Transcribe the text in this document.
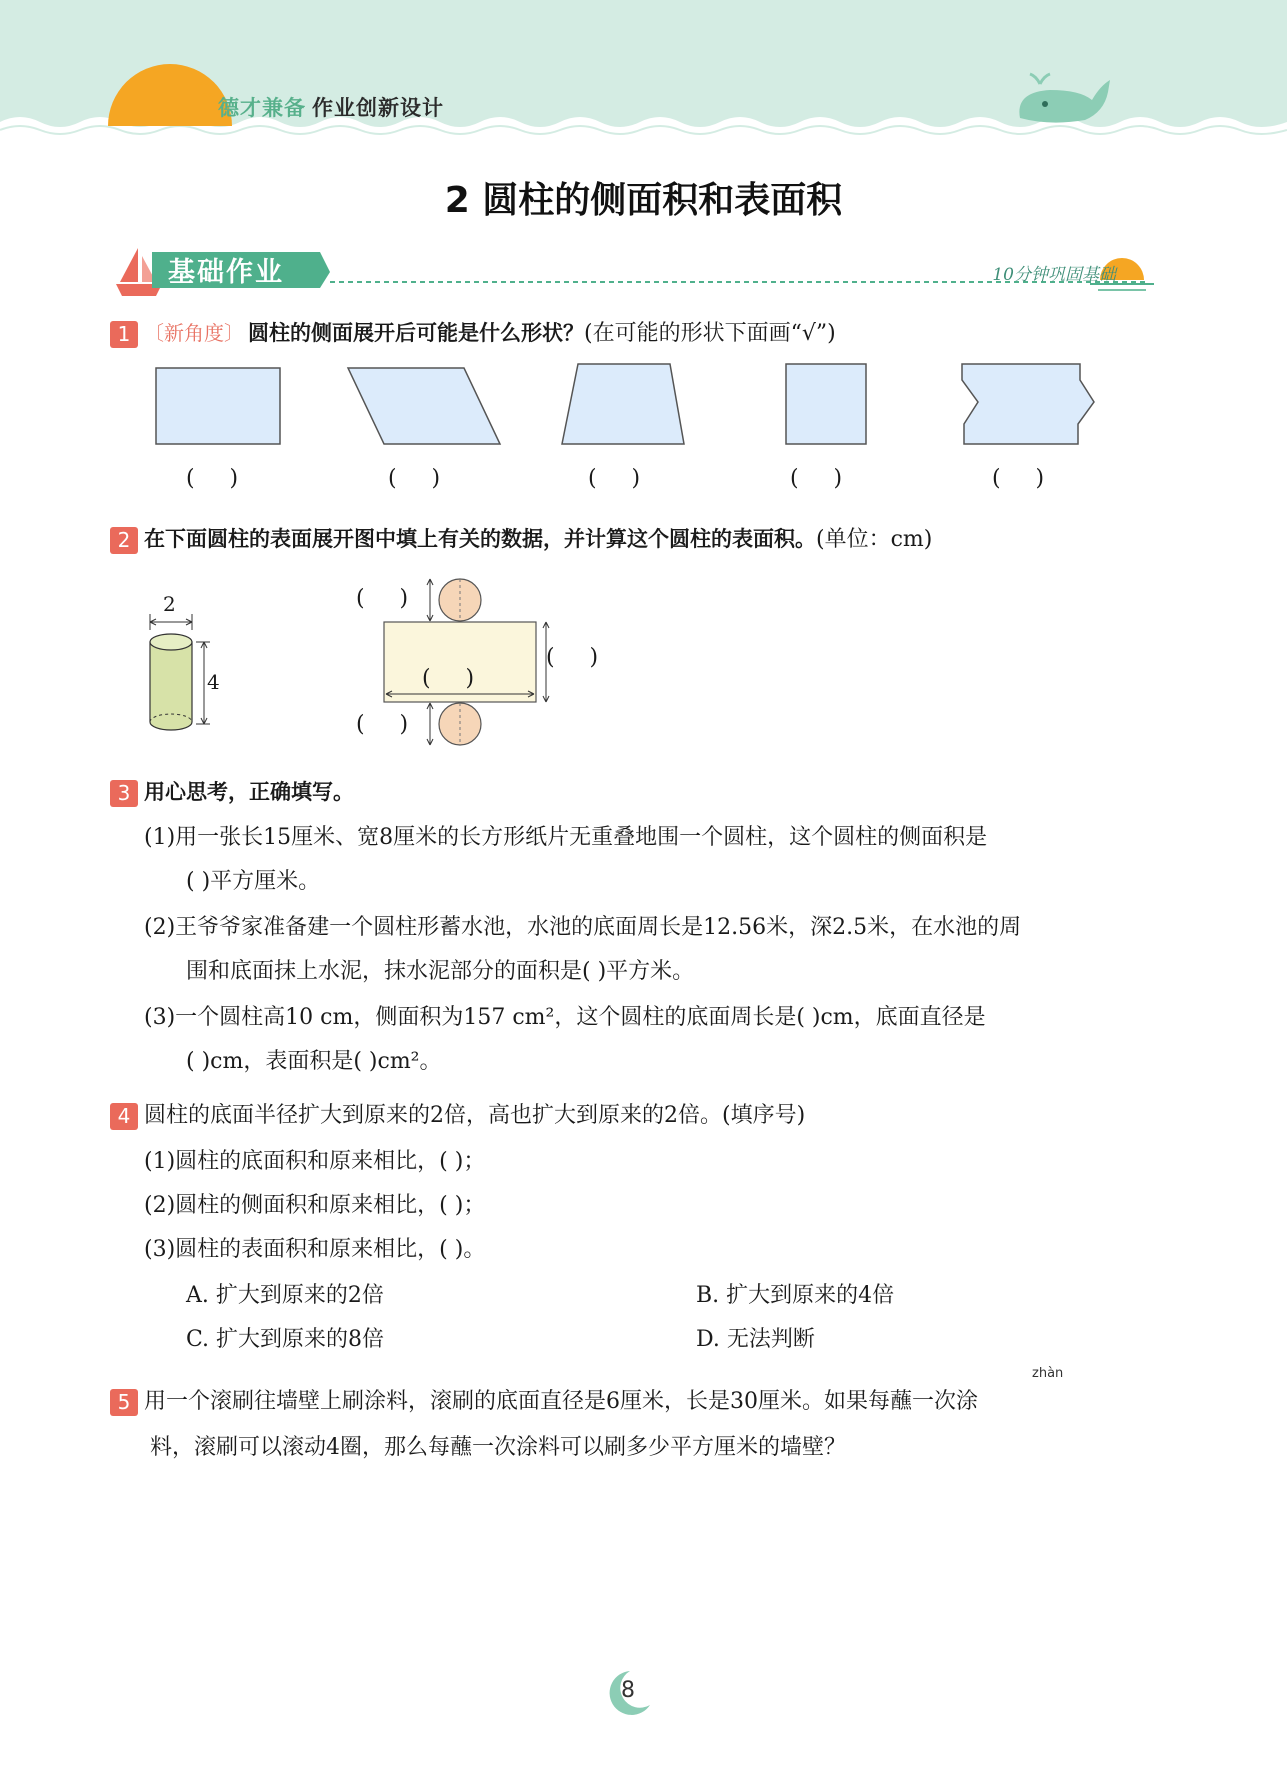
德才兼备 作业创新设计
2 圆柱的侧面积和表面积
基础作业	10分钟巩固基础
1 〔新角度〕 圆柱的侧面展开后可能是什么形状？(在可能的形状下面画“√”)
(     )	(     )	(     )	(     )	(     )
2 在下面圆柱的表面展开图中填上有关的数据，并计算这个圆柱的表面积。(单位：cm)
2
4
(     )
(     )
(     )
(     )
3 用心思考，正确填写。
(1)用一张长15厘米、宽8厘米的长方形纸片无重叠地围一个圆柱，这个圆柱的侧面积是
( )平方厘米。
(2)王爷爷家准备建一个圆柱形蓄水池，水池的底面周长是12.56米，深2.5米，在水池的周
围和底面抹上水泥，抹水泥部分的面积是( )平方米。
(3)一个圆柱高10 cm，侧面积为157 cm²，这个圆柱的底面周长是( )cm，底面直径是
( )cm，表面积是( )cm²。
4 圆柱的底面半径扩大到原来的2倍，高也扩大到原来的2倍。(填序号)
(1)圆柱的底面积和原来相比，( )；
(2)圆柱的侧面积和原来相比，( )；
(3)圆柱的表面积和原来相比，( )。
A. 扩大到原来的2倍	B. 扩大到原来的4倍
C. 扩大到原来的8倍	D. 无法判断
zhàn
5 用一个滚刷往墙壁上刷涂料，滚刷的底面直径是6厘米，长是30厘米。如果每蘸一次涂
料，滚刷可以滚动4圈，那么每蘸一次涂料可以刷多少平方厘米的墙壁？
8
